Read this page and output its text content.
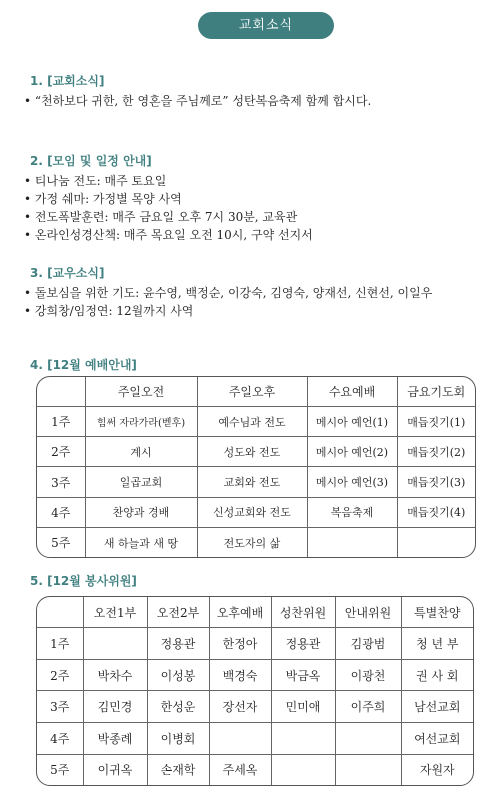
교회소식
1. [교회소식]
• “천하보다 귀한, 한 영혼을 주님께로” 성탄복음축제 함께 합시다.
2. [모임 및 일정 안내]
• 티나눔 전도: 매주 토요일
• 가정 쉐마: 가정별 목양 사역
• 전도폭발훈련: 매주 금요일 오후 7시 30분, 교육관
• 온라인성경산책: 매주 목요일 오전 10시, 구약 선지서
3. [교우소식]
• 돌보심을 위한 기도: 윤수영, 백정순, 이강숙, 김영숙, 양재선, 신현선, 이일우
• 강희창/임정연: 12월까지 사역
4. [12월 예배안내]
	주일오전	주일오후	수요예배	금요기도회
1주	힘써 자라가라(벧후)	예수님과 전도	메시아 예언(1)	매듭짓기(1)
2주	계시	성도와 전도	메시아 예언(2)	매듭짓기(2)
3주	일곱교회	교회와 전도	메시아 예언(3)	매듭짓기(3)
4주	찬양과 경배	신성교회와 전도	복음축제	매듭짓기(4)
5주	새 하늘과 새 땅	전도자의 삶		
5. [12월 봉사위원]
	오전1부	오전2부	오후예배	성찬위원	안내위원	특별찬양
1주		정용관	한정아	정용관	김광범	청 년 부
2주	박차수	이성봉	백경숙	박금옥	이광천	권 사 회
3주	김민경	한성운	장선자	민미애	이주희	남선교회
4주	박종례	이병회				여선교회
5주	이귀옥	손재학	주세옥			자원자
